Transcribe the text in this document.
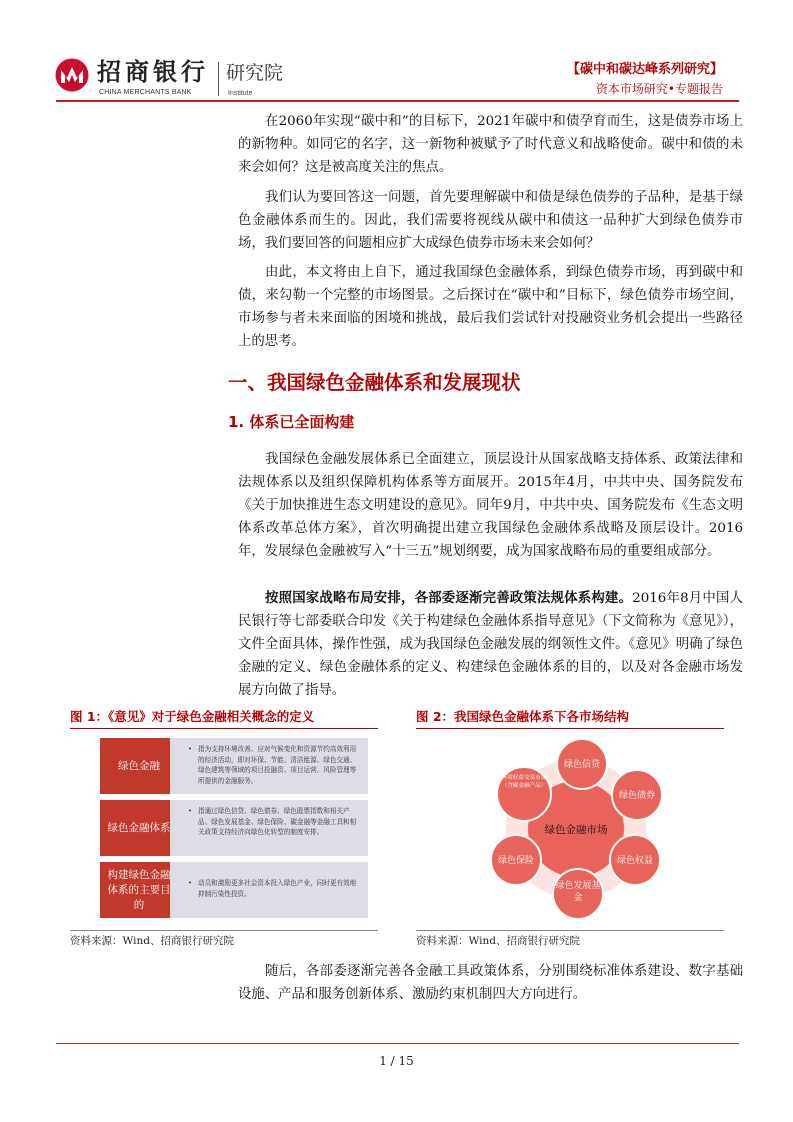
招商银行
CHINA MERCHANTS BANK
研究院
Institute
【碳中和碳达峰系列研究】
资本市场研究•专题报告
在2060年实现“碳中和”的目标下，2021年碳中和债孕育而生，这是债券市场上的新物种。如同它的名字，这一新物种被赋予了时代意义和战略使命。碳中和债的未来会如何？这是被高度关注的焦点。
我们认为要回答这一问题，首先要理解碳中和债是绿色债券的子品种，是基于绿色金融体系而生的。因此，我们需要将视线从碳中和债这一品种扩大到绿色债券市场，我们要回答的问题相应扩大成绿色债券市场未来会如何？
由此，本文将由上自下，通过我国绿色金融体系，到绿色债券市场，再到碳中和债，来勾勒一个完整的市场图景。之后探讨在“碳中和”目标下，绿色债券市场空间，市场参与者未来面临的困境和挑战，最后我们尝试针对投融资业务机会提出一些路径上的思考。
一、我国绿色金融体系和发展现状
1. 体系已全面构建
我国绿色金融发展体系已全面建立，顶层设计从国家战略支持体系、政策法律和法规体系以及组织保障机构体系等方面展开。2015年4月，中共中央、国务院发布《关于加快推进生态文明建设的意见》。同年9月，中共中央、国务院发布《生态文明体系改革总体方案》，首次明确提出建立我国绿色金融体系战略及顶层设计。2016年，发展绿色金融被写入“十三五”规划纲要，成为国家战略布局的重要组成部分。
按照国家战略布局安排，各部委逐渐完善政策法规体系构建。2016年8月中国人民银行等七部委联合印发《关于构建绿色金融体系指导意见》（下文简称为《意见》），文件全面具体，操作性强，成为我国绿色金融发展的纲领性文件。《意见》明确了绿色金融的定义、绿色金融体系的定义、构建绿色金融体系的目的，以及对各金融市场发展方向做了指导。
图 1：《意见》对于绿色金融相关概念的定义
绿色金融
• 指为支持环境改善、应对气候变化和资源节约高效利用的经济活动，即对环保、节能、清洁能源、绿色交通、绿色建筑等领域的项目投融资、项目运营、风险管理等所提供的金融服务。
绿色金融体系
• 指通过绿色信贷、绿色债券、绿色股票指数和相关产品、绿色发展基金、绿色保险、碳金融等金融工具和相关政策支持经济向绿色化转型的制度安排。
构建绿色金融体系的主要目的
• 动员和激励更多社会资本投入绿色产业，同时更有效地抑制污染性投资。
资料来源：Wind、招商银行研究院
图 2：我国绿色金融体系下各市场结构
绿色金融市场
绿色信贷
绿色债券
绿色权益
绿色发展基金
绿色保险
环境权益交易市场（含碳金融产品）
资料来源：Wind、招商银行研究院
随后，各部委逐渐完善各金融工具政策体系，分别围绕标准体系建设、数字基础设施、产品和服务创新体系、激励约束机制四大方向进行。
1 / 15
